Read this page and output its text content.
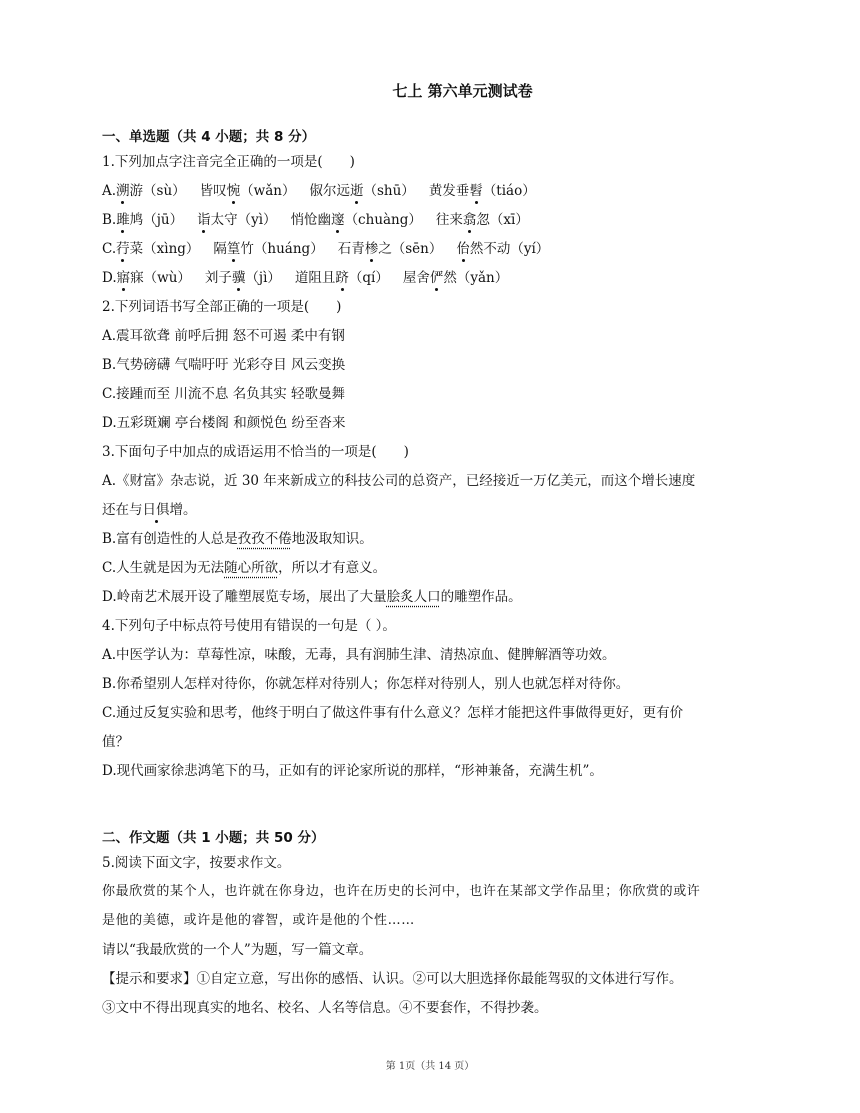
七上 第六单元测试卷
一、单选题（共 4 小题；共 8 分）
1.下列加点字注音完全正确的一项是(　　)
A.溯游（sù） 皆叹惋（wǎn） 俶尔远逝（shū） 黄发垂髫（tiáo）
B.雎鸠（jū） 诣太守（yì） 悄怆幽邃（chuàng） 往来翕忽（xī）
C.荇菜（xìng） 隔篁竹（huáng） 石青椮之（sēn） 佁然不动（yí）
D.寤寐（wù） 刘子骥（jì） 道阻且跻（qí） 屋舍俨然（yǎn）
2.下列词语书写全部正确的一项是(　　)
A.震耳欲聋 前呼后拥 怒不可遏 柔中有钢
B.气势磅礴 气喘吁吁 光彩夺目 风云变换
C.接踵而至 川流不息 名负其实 轻歌曼舞
D.五彩斑斓 亭台楼阁 和颜悦色 纷至沓来
3.下面句子中加点的成语运用不恰当的一项是(　　)
A.《财富》杂志说，近 30 年来新成立的科技公司的总资产，已经接近一万亿美元，而这个增长速度
还在与日俱增。
B.富有创造性的人总是孜孜不倦地汲取知识。
C.人生就是因为无法随心所欲，所以才有意义。
D.岭南艺术展开设了雕塑展览专场，展出了大量脍炙人口的雕塑作品。
4.下列句子中标点符号使用有错误的一句是（ ）。
A.中医学认为：草莓性凉，味酸，无毒，具有润肺生津、清热凉血、健脾解酒等功效。
B.你希望别人怎样对待你，你就怎样对待别人；你怎样对待别人，别人也就怎样对待你。
C.通过反复实验和思考，他终于明白了做这件事有什么意义？怎样才能把这件事做得更好，更有价
值？
D.现代画家徐悲鸿笔下的马，正如有的评论家所说的那样，“形神兼备，充满生机”。
二、作文题（共 1 小题；共 50 分）
5.阅读下面文字，按要求作文。
你最欣赏的某个人，也许就在你身边，也许在历史的长河中，也许在某部文学作品里；你欣赏的或许
是他的美德，或许是他的睿智，或许是他的个性……
请以“我最欣赏的一个人”为题，写一篇文章。
【提示和要求】①自定立意，写出你的感悟、认识。②可以大胆选择你最能驾驭的文体进行写作。
③文中不得出现真实的地名、校名、人名等信息。④不要套作，不得抄袭。
第 1页（共 14 页）
